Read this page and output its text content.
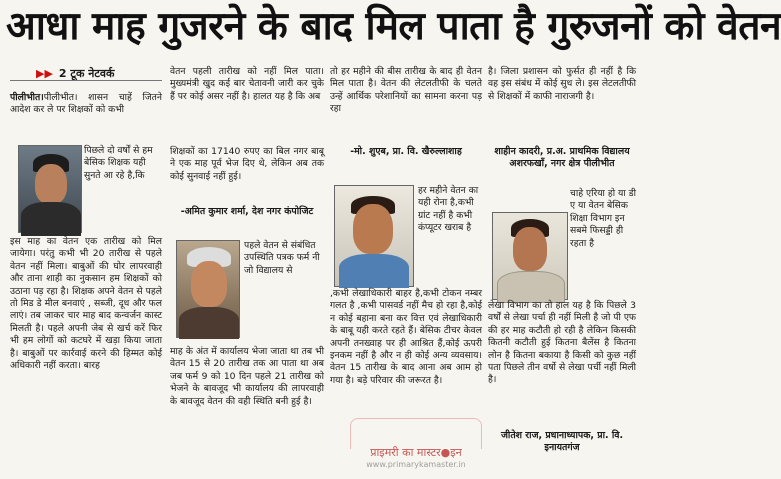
आधा माह गुजरने के बाद मिल पाता है गुरुजनों को वेतन
▶▶ 2 टूक नेटवर्क
पीलीभीत।पीलीभीत। शासन चाहें जितने आदेश कर ले पर शिक्षकों को कभी
पिछले दो वर्षों से हम बेसिक शिक्षक यही सुनते आ रहे है,कि
इस माह का वेतन एक तारीख को मिल जायेगा। परंतु कभी भी 20 तारीख से पहले वेतन नहीं मिला। बाबुओं की घोर लापरवाही और ताना शाही का नुकसान हम शिक्षकों को उठाना पड़ रहा है। शिक्षक अपने वेतन से पहले तो मिड डे मील बनवाएं , सब्जी, दूध और फल लाएं। तब जाकर चार माह बाद कन्वर्जन कास्ट मिलती है। पहले अपनी जेब से खर्च करें फिर भी हम लोगों को कटघरे में खड़ा किया जाता है। बाबुओं पर कार्रवाई करने की हिम्मत कोई अधिकारी नहीं करता। बारह
वेतन पहली तारीख को नहीं मिल पाता। मुख्यमंत्री खुद कई बार चेतावनी जारी कर चुके हैं पर कोई असर नहीं है। हालत यह है कि अब
शिक्षकों का 17140 रुपए का बिल नगर बाबू ने एक माह पूर्व भेज दिए थे, लेकिन अब तक कोई सुनवाई नहीं हुई।
-अमित कुमार शर्मा, देश नगर कंपोजिट
पहले वेतन से संबंधित उपस्थिति पत्रक फर्म नी जो विद्यालय से
माह के अंत में कार्यालय भेजा जाता था तब भी वेतन 15 से 20 तारीख तक आ पाता था अब जब फर्म 9 को 10 दिन पहले 21 तारीख को भेजने के बावजूद भी कार्यालय की लापरवाही के बावजूद वेतन की वही स्थिति बनी हुई है।
तो हर महीने की बीस तारीख के बाद ही वेतन मिल पाता है। वेतन की लेटलतीफी के चलते उन्हें आर्थिक परेशानियों का सामना करना पड़ रहा
-मो. शुएब, प्रा. वि. खैरुल्लाशाह
हर महीने वेतन का यही रोना है,कभी ग्रांट नहीं है कभी कंप्यूटर खराब है
,कभी लेखाधिकारी बाहर है,कभी टोकन नम्बर गलत है ,कभी पासवर्ड नहीं मैच हो रहा है,कोई न कोई बहाना बना कर वित्त एवं लेखाधिकारी के बाबू यही करते रहते हैं। बेसिक टीचर केवल अपनी तनख्वाह पर ही आश्रित हैं,कोई ऊपरी इनकम नहीं है और न ही कोई अन्य व्यवसाय। वेतन 15 तारीख के बाद आना अब आम हो गया है। बड़े परिवार की जरूरत है।
है। जिला प्रशासन को फुर्सत ही नहीं है कि वह इस संबंध में कोई सुध ले। इस लेटलतीफी से शिक्षकों में काफी नाराजगी है।
शाहीन कादरी, प्र.अ. प्राथमिक विद्यालय अशरफखाँ, नगर क्षेत्र पीलीभीत
चाहे एरिया हो या डी ए या वेतन बेसिक शिक्षा विभाग इन सबमे फिसड्डी ही रहता है
लेखा विभाग का तो हाल यह है कि पिछले 3 वर्षों से लेखा पर्चा ही नहीं मिली है जो पी एफ की हर माह कटौती हो रही है लेकिन किसकी कितनी कटौती हुई कितना बैलेंस है कितना लोन है कितना बकाया है किसी को कुछ नहीं पता पिछले तीन वर्षो से लेखा पर्ची नहीं मिली है।
जीतेश राज, प्रधानाध्यापक, प्रा. वि. इनायतगंज
प्राइमरी का मास्टर●इन
www.primarykamaster.in
